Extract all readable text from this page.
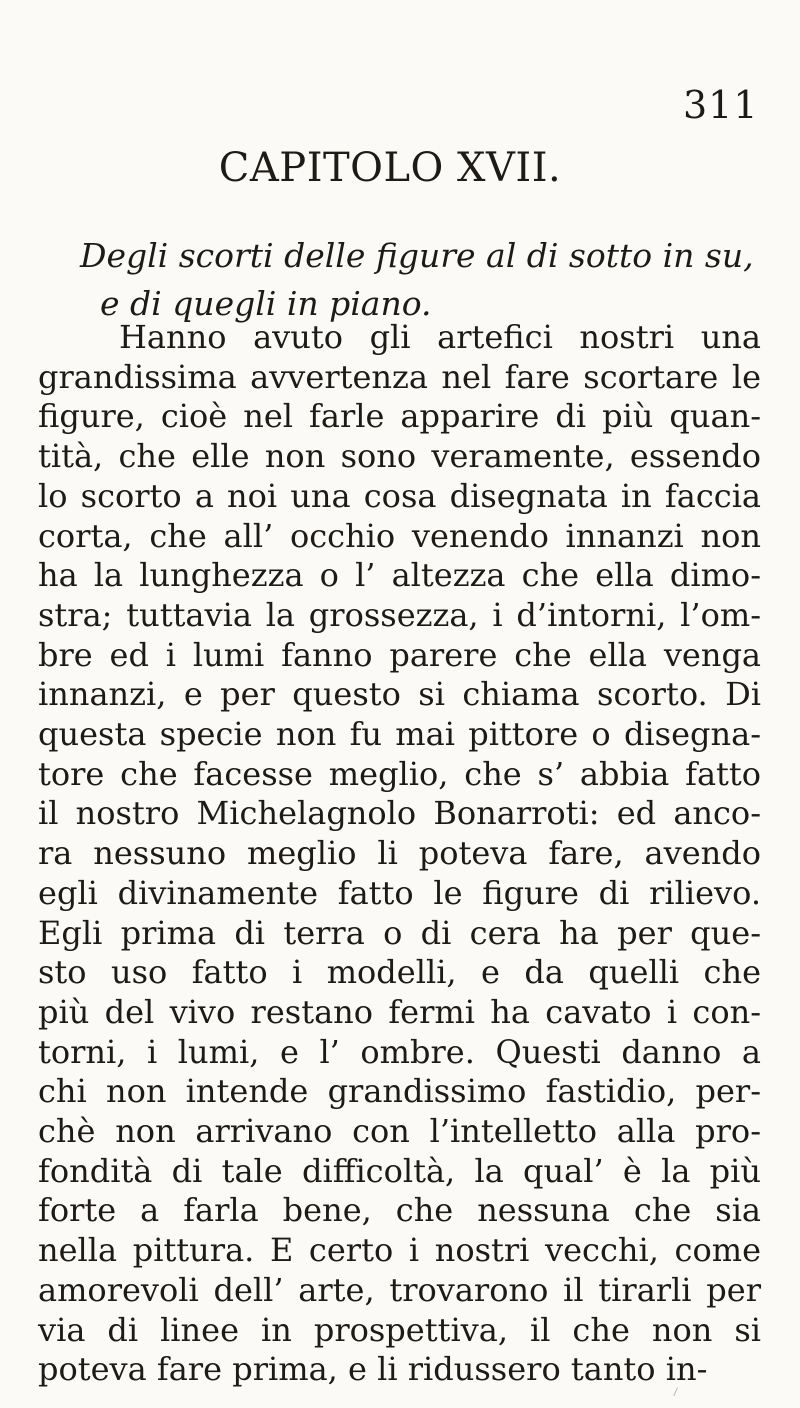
311
CAPITOLO XVII.
Degli scorti delle figure al di sotto in su,
e di quegli in piano.
Hanno avuto gli artefici nostri una
grandissima avvertenza nel fare scortare le
figure, cioè nel farle apparire di più quan-
tità, che elle non sono veramente, essendo
lo scorto a noi una cosa disegnata in faccia
corta, che all’ occhio venendo innanzi non
ha la lunghezza o l’ altezza che ella dimo-
stra; tuttavia la grossezza, i d’intorni, l’om-
bre ed i lumi fanno parere che ella venga
innanzi, e per questo si chiama scorto. Di
questa specie non fu mai pittore o disegna-
tore che facesse meglio, che s’ abbia fatto
il nostro Michelagnolo Bonarroti: ed anco-
ra nessuno meglio li poteva fare, avendo
egli divinamente fatto le figure di rilievo.
Egli prima di terra o di cera ha per que-
sto uso fatto i modelli, e da quelli che
più del vivo restano fermi ha cavato i con-
torni, i lumi, e l’ ombre. Questi danno a
chi non intende grandissimo fastidio, per-
chè non arrivano con l’intelletto alla pro-
fondità di tale difficoltà, la qual’ è la più
forte a farla bene, che nessuna che sia
nella pittura. E certo i nostri vecchi, come
amorevoli dell’ arte, trovarono il tirarli per
via di linee in prospettiva, il che non si
poteva fare prima, e li ridussero tanto in-
